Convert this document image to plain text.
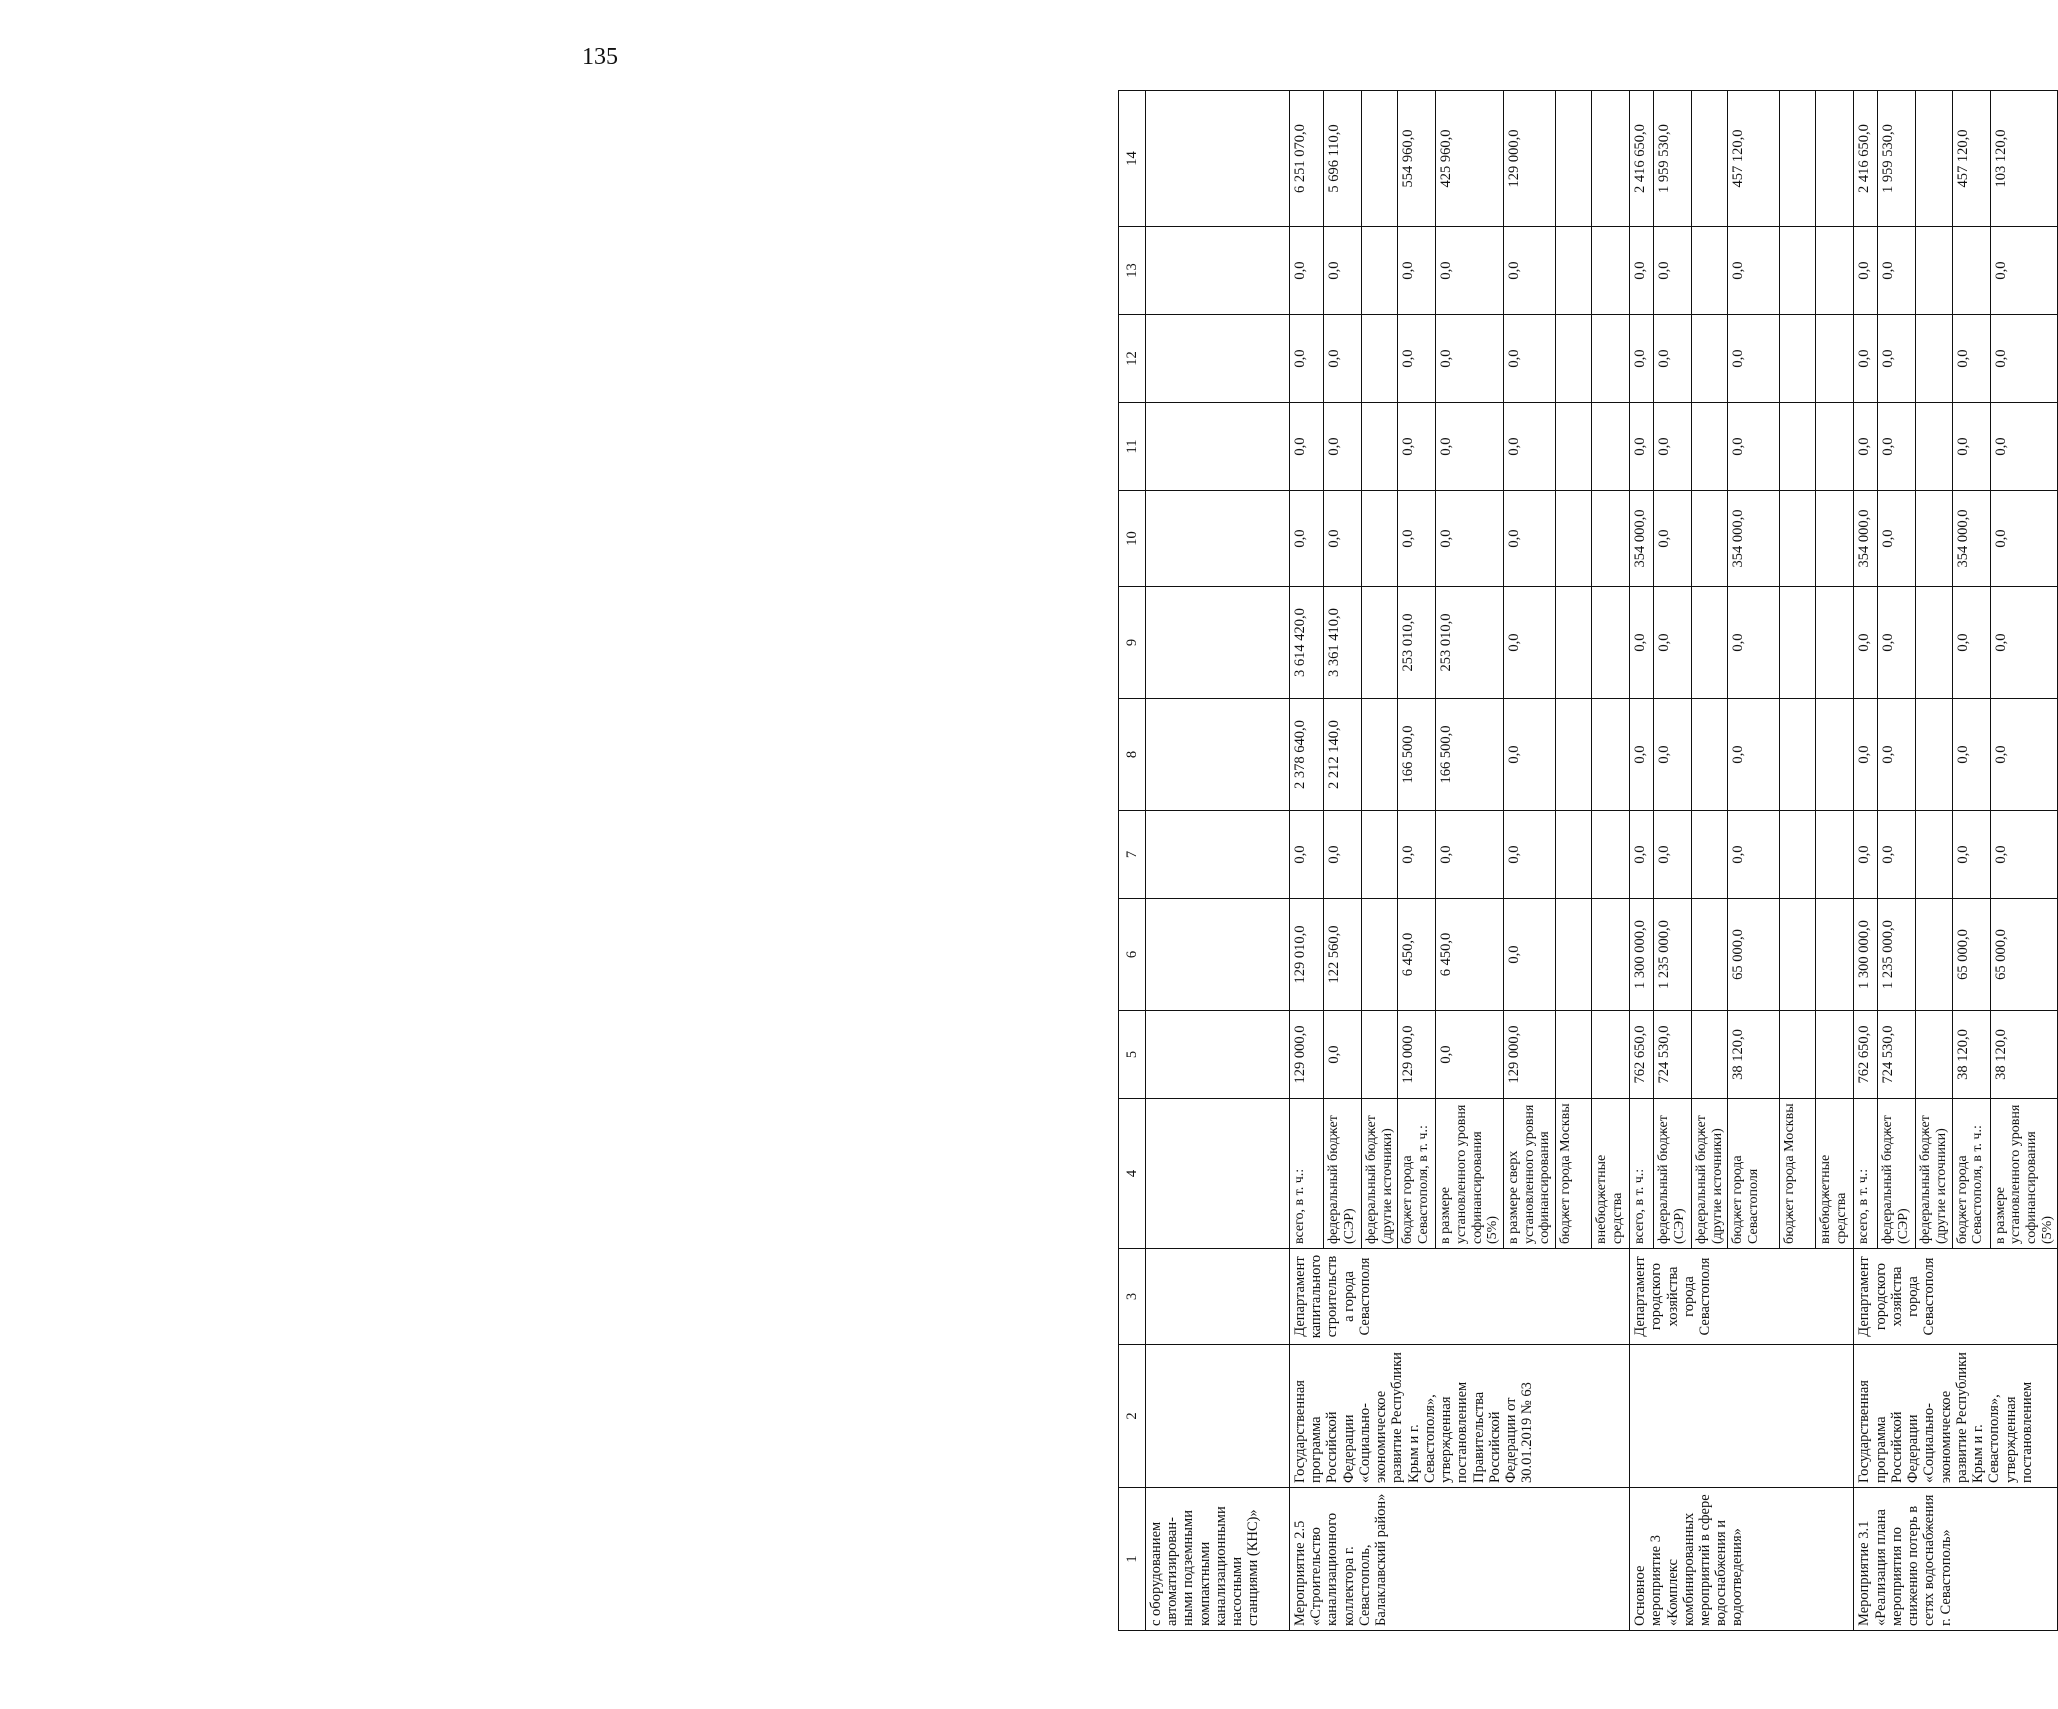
135
1	2	3	4	5	6	7	8	9	10	11	12	13	14
с оборудованием автоматизирован-ными подземными компактными канализационными насосными станциями (КНС)»													
Мероприятие 2.5 «Строительство канализационного коллектора г. Севастополь, Балаклавский район»	Государственная программа Российской Федерации «Социально-экономическое развитие Республики Крым и г. Севастополя», утвержденная постановлением Правительства Российской Федерации от 30.01.2019 № 63	Департамент капитального строительства города Севастополя	всего, в т. ч.:	129 000,0	129 010,0	0,0	2 378 640,0	3 614 420,0	0,0	0,0	0,0	0,0	6 251 070,0
			федеральный бюджет (СЭР)	0,0	122 560,0	0,0	2 212 140,0	3 361 410,0	0,0	0,0	0,0	0,0	5 696 110,0
			федеральный бюджет (другие источники)										
			бюджет города Севастополя, в т. ч.:	129 000,0	6 450,0	0,0	166 500,0	253 010,0	0,0	0,0	0,0	0,0	554 960,0
			в размере установленного уровня софинансирования (5%)	0,0	6 450,0	0,0	166 500,0	253 010,0	0,0	0,0	0,0	0,0	425 960,0
			в размере сверх установленного уровня софинансирования	129 000,0	0,0	0,0	0,0	0,0	0,0	0,0	0,0	0,0	129 000,0
			бюджет города Москвы										
			внебюджетные средства										
Основное мероприятие 3 «Комплекс комбинированных мероприятий в сфере водоснабжения и водоотведения»		Департамент городского хозяйства города Севастополя	всего, в т. ч.:	762 650,0	1 300 000,0	0,0	0,0	0,0	354 000,0	0,0	0,0	0,0	2 416 650,0
			федеральный бюджет (СЭР)	724 530,0	1 235 000,0	0,0	0,0	0,0	0,0	0,0	0,0	0,0	1 959 530,0
			федеральный бюджет (другие источники)										
			бюджет города Севастополя	38 120,0	65 000,0	0,0	0,0	0,0	354 000,0	0,0	0,0	0,0	457 120,0
			бюджет города Москвы										
			внебюджетные средства										
Мероприятие 3.1 «Реализация плана мероприятия по снижению потерь в сетях водоснабжения г. Севастополь»	Государственная программа Российской Федерации «Социально-экономическое развитие Республики Крым и г. Севастополя», утвержденная постановлением	Департамент городского хозяйства города Севастополя	всего, в т. ч.:	762 650,0	1 300 000,0	0,0	0,0	0,0	354 000,0	0,0	0,0	0,0	2 416 650,0
			федеральный бюджет (СЭР)	724 530,0	1 235 000,0	0,0	0,0	0,0	0,0	0,0	0,0	0,0	1 959 530,0
			федеральный бюджет (другие источники)										
			бюджет города Севастополя, в т. ч.:	38 120,0	65 000,0	0,0	0,0	0,0	354 000,0	0,0	0,0		457 120,0
			в размере установленного уровня софинансирования (5%)	38 120,0	65 000,0	0,0	0,0	0,0	0,0	0,0	0,0	0,0	103 120,0
